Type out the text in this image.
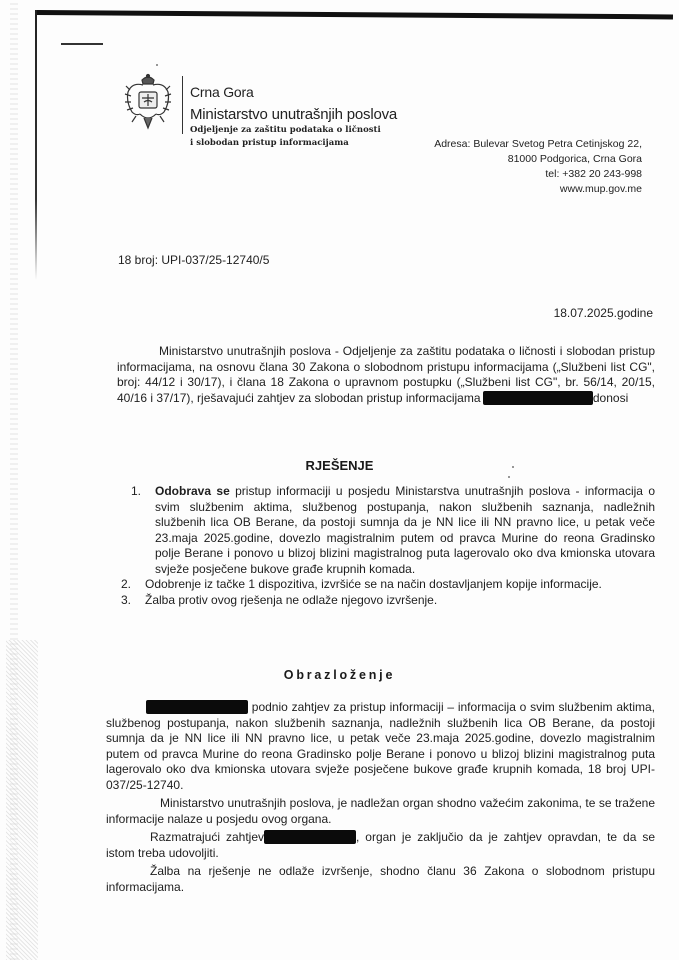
Crna Gora
Ministarstvo unutrašnjih poslova
Odjeljenje za zaštitu podataka o ličnosti
i slobodan pristup informacijama	Adresa: Bulevar Svetog Petra Cetinjskog 22,
81000 Podgorica, Crna Gora
tel: +382 20 243-998
www.mup.gov.me
18 broj: UPI-037/25-12740/5
18.07.2025.godine
Ministarstvo unutrašnjih poslova - Odjeljenje za zaštitu podataka o ličnosti i slobodan pristup informacijama, na osnovu člana 30 Zakona o slobodnom pristupu informacijama („Službeni list CG", broj: 44/12 i 30/17), i člana 18 Zakona o upravnom postupku („Službeni list CG", br. 56/14, 20/15, 40/16 i 37/17), rješavajući zahtjev za slobodan pristup informacijama	donosi
RJEŠENJE
1. Odobrava se pristup informaciji u posjedu Ministarstva unutrašnjih poslova - informacija o svim službenim aktima, službenog postupanja, nakon službenih saznanja, nadležnih službenih lica OB Berane, da postoji sumnja da je NN lice ili NN pravno lice, u petak veče 23.maja 2025.godine, dovezlo magistralnim putem od pravca Murine do reona Gradinsko polje Berane i ponovo u blizoj blizini magistralnog puta lagerovalo oko dva kmionska utovara svježe posječene bukove građe krupnih komada.
2. Odobrenje iz tačke 1 dispozitiva, izvršiće se na način dostavljanjem kopije informacije.
3. Žalba protiv ovog rješenja ne odlaže njegovo izvršenje.
Obrazloženje

podnio zahtjev za pristup informaciji – informacija o svim službenim aktima, službenog postupanja, nakon službenih saznanja, nadležnih službenih lica OB Berane, da postoji sumnja da je NN lice ili NN pravno lice, u petak veče 23.maja 2025.godine, dovezlo magistralnim putem od pravca Murine do reona Gradinsko polje Berane i ponovo u blizoj blizini magistralnog puta lagerovalo oko dva kmionska utovara svježe posječene bukove građe krupnih komada, 18 broj UPI-037/25-12740.

Ministarstvo unutrašnjih poslova, je nadležan organ shodno važećim zakonima, te se tražene informacije nalaze u posjedu ovog organa.

Razmatrajući zahtjev	, organ je zaključio da je zahtjev opravdan, te da se istom treba udovoljiti.

Žalba na rješenje ne odlaže izvršenje, shodno članu 36 Zakona o slobodnom pristupu informacijama.
